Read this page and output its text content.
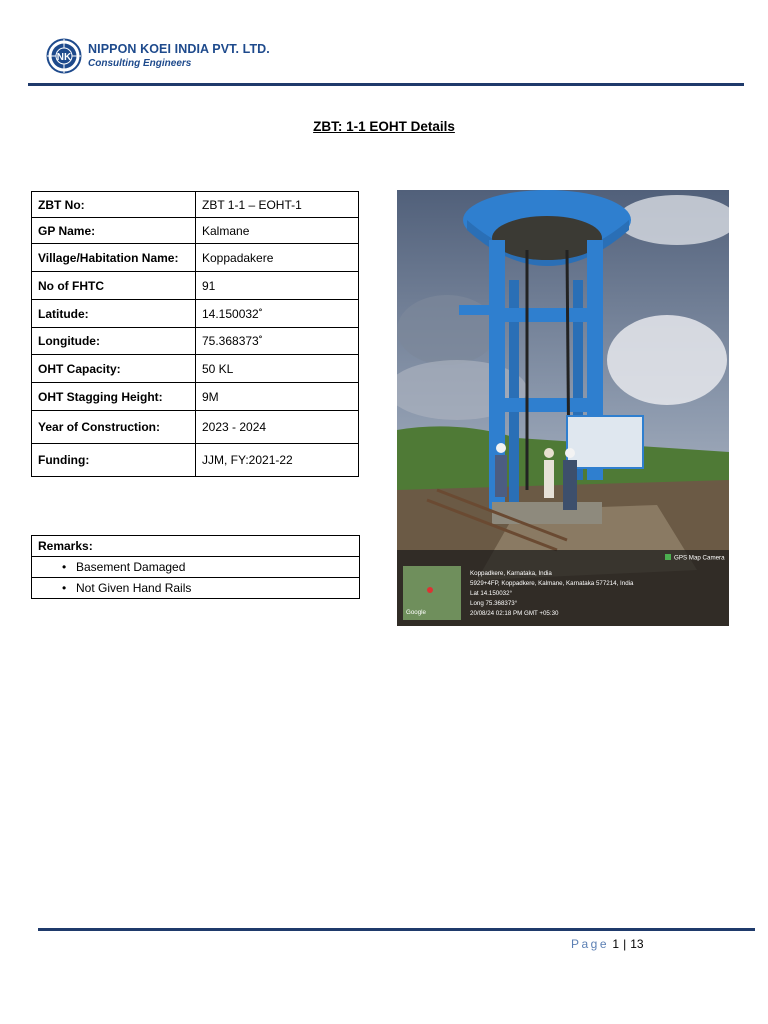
NK
NIPPON KOEI INDIA PVT. LTD.
Consulting Engineers
ZBT: 1-1 EOHT Details
ZBT No:	ZBT 1-1 – EOHT-1
GP Name:	Kalmane
Village/Habitation Name:	Koppadakere
No of FHTC	91
Latitude:	14.150032˚
Longitude:	75.368373˚
OHT Capacity:	50 KL
OHT Stagging Height:	9M
Year of Construction:	2023 - 2024
Funding:	JJM, FY:2021-22
Remarks:
• Basement Damaged
• Not Given Hand Rails
GPS Map Camera
Koppadkere, Karnataka, India
5929+4FP, Koppadkere, Kalmane, Karnataka 577214, India
Lat 14.150032°
Long 75.368373°
20/08/24 02:18 PM GMT +05:30
Google
Page 1 | 13
